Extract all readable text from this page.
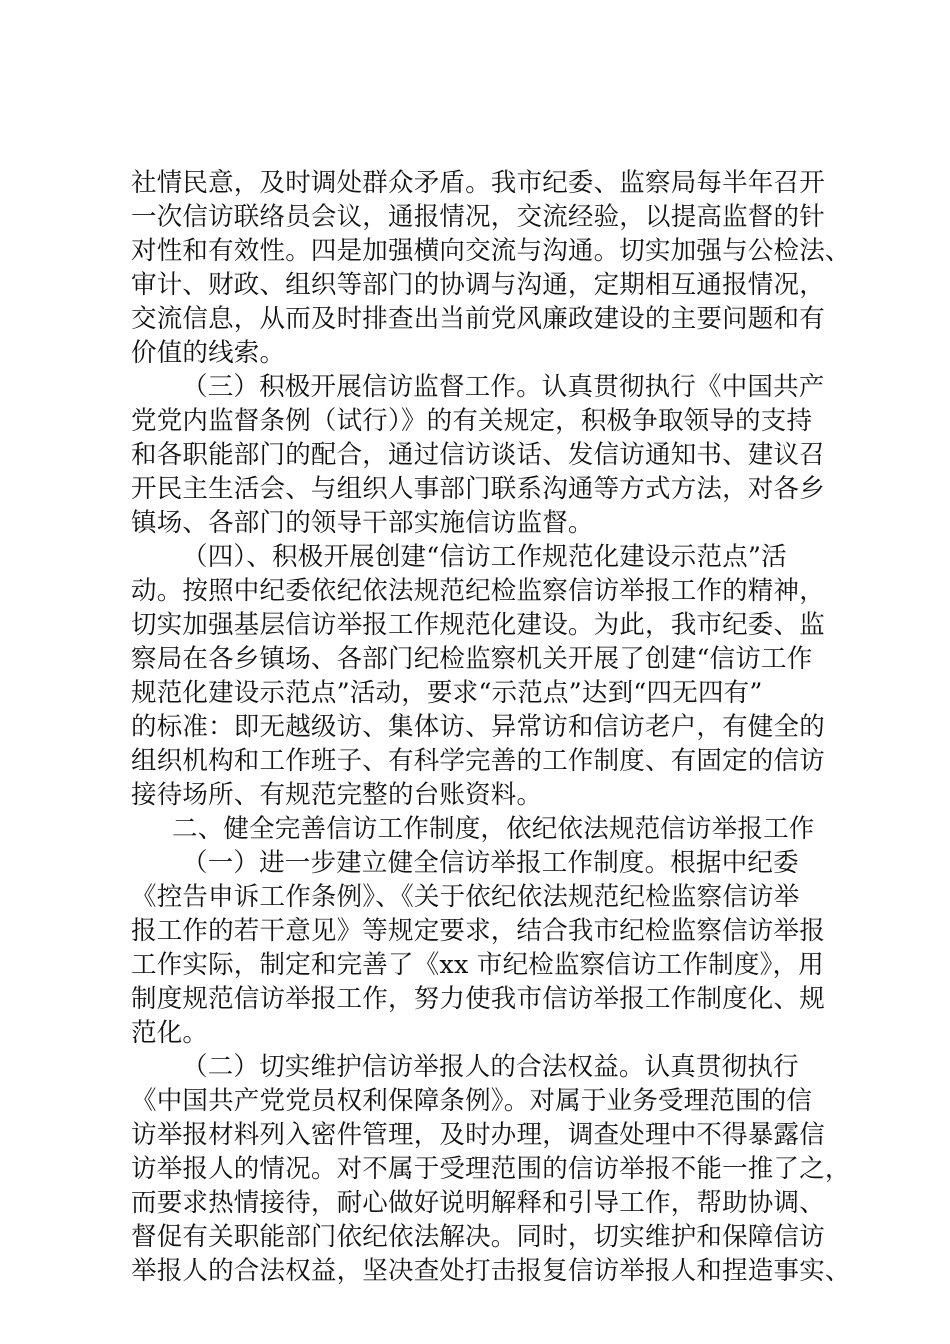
社情民意，及时调处群众矛盾。我市纪委、监察局每半年召开
一次信访联络员会议，通报情况，交流经验，以提高监督的针
对性和有效性。四是加强横向交流与沟通。切实加强与公检法、
审计、财政、组织等部门的协调与沟通，定期相互通报情况，
交流信息，从而及时排查出当前党风廉政建设的主要问题和有
价值的线索。
（三）积极开展信访监督工作。认真贯彻执行《中国共产
党党内监督条例（试行）》的有关规定，积极争取领导的支持
和各职能部门的配合，通过信访谈话、发信访通知书、建议召
开民主生活会、与组织人事部门联系沟通等方式方法，对各乡
镇场、各部门的领导干部实施信访监督。
（四）、积极开展创建“信访工作规范化建设示范点”活
动。按照中纪委依纪依法规范纪检监察信访举报工作的精神，
切实加强基层信访举报工作规范化建设。为此，我市纪委、监
察局在各乡镇场、各部门纪检监察机关开展了创建“信访工作
规范化建设示范点”活动，要求“示范点”达到“四无四有”
的标准：即无越级访、集体访、异常访和信访老户，有健全的
组织机构和工作班子、有科学完善的工作制度、有固定的信访
接待场所、有规范完整的台账资料。
二、健全完善信访工作制度，依纪依法规范信访举报工作
（一）进一步建立健全信访举报工作制度。根据中纪委
《控告申诉工作条例》、《关于依纪依法规范纪检监察信访举
报工作的若干意见》等规定要求，结合我市纪检监察信访举报
工作实际，制定和完善了《xx 市纪检监察信访工作制度》，用
制度规范信访举报工作，努力使我市信访举报工作制度化、规
范化。
（二）切实维护信访举报人的合法权益。认真贯彻执行
《中国共产党党员权利保障条例》。对属于业务受理范围的信
访举报材料列入密件管理，及时办理，调查处理中不得暴露信
访举报人的情况。对不属于受理范围的信访举报不能一推了之，
而要求热情接待，耐心做好说明解释和引导工作，帮助协调、
督促有关职能部门依纪依法解决。同时，切实维护和保障信访
举报人的合法权益，坚决查处打击报复信访举报人和捏造事实、
